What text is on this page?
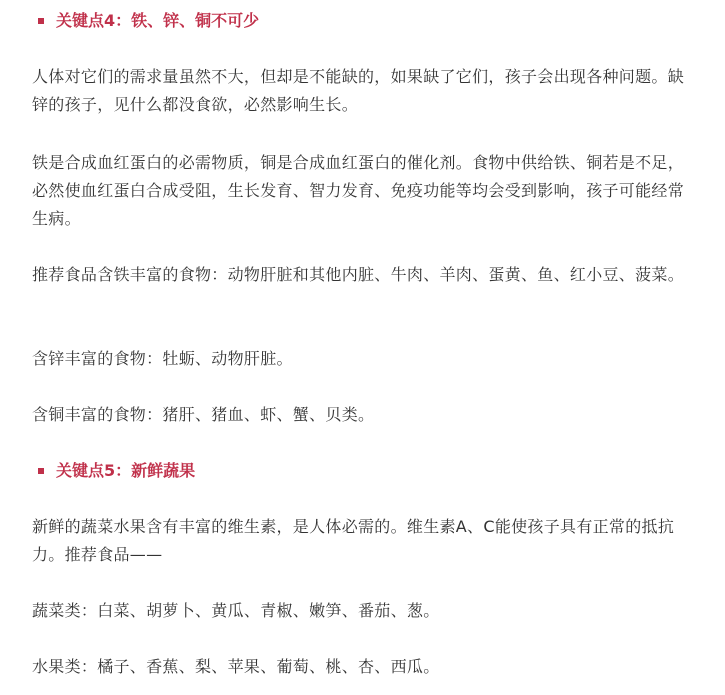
关键点4：铁、锌、铜不可少

人体对它们的需求量虽然不大，但却是不能缺的，如果缺了它们，孩子会出现各种问题。缺锌的孩子，见什么都没食欲，必然影响生长。

铁是合成血红蛋白的必需物质，铜是合成血红蛋白的催化剂。食物中供给铁、铜若是不足，必然使血红蛋白合成受阻，生长发育、智力发育、免疫功能等均会受到影响，孩子可能经常生病。

推荐食品含铁丰富的食物：动物肝脏和其他内脏、牛肉、羊肉、蛋黄、鱼、红小豆、菠菜。

含锌丰富的食物：牡蛎、动物肝脏。

含铜丰富的食物：猪肝、猪血、虾、蟹、贝类。

关键点5：新鲜蔬果

新鲜的蔬菜水果含有丰富的维生素，是人体必需的。维生素A、C能使孩子具有正常的抵抗力。推荐食品——

蔬菜类：白菜、胡萝卜、黄瓜、青椒、嫩笋、番茄、葱。

水果类：橘子、香蕉、梨、苹果、葡萄、桃、杏、西瓜。
